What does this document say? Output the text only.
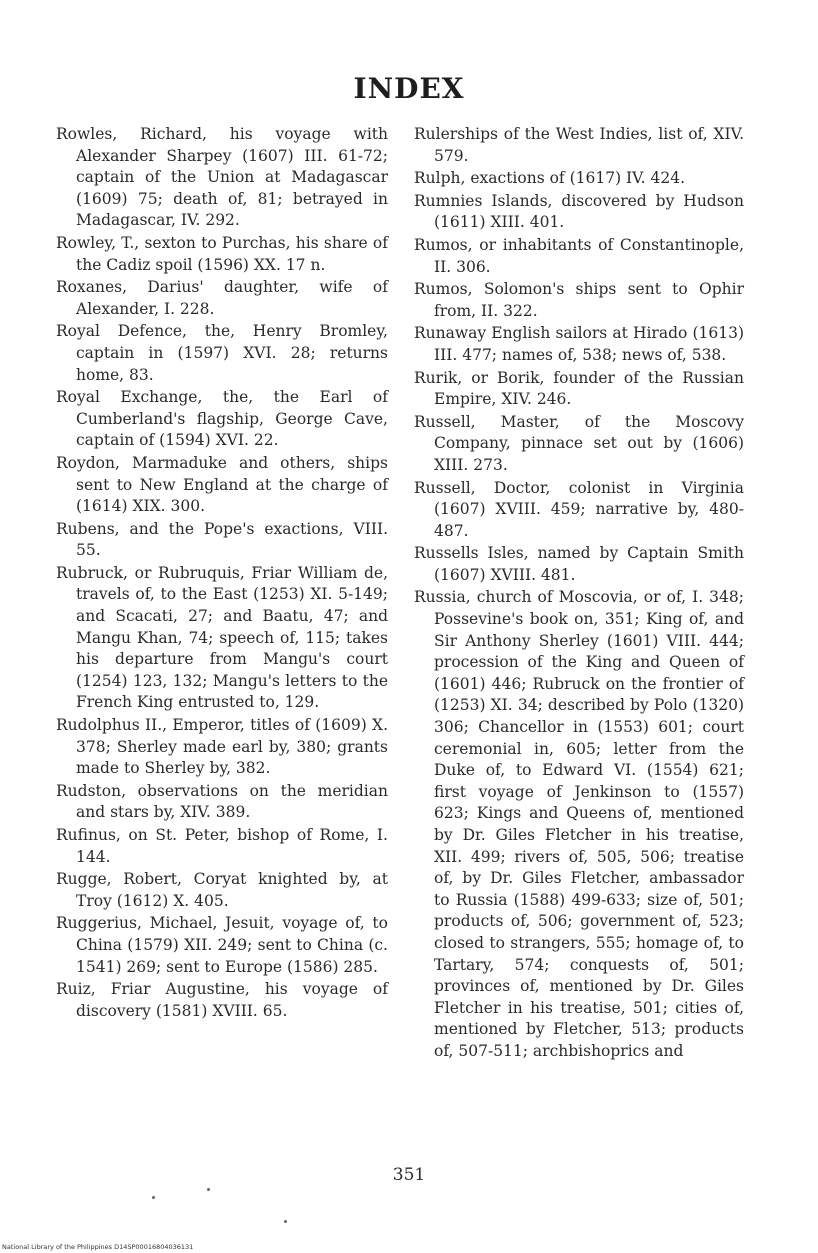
INDEX

Rowles, Richard, his voyage with Alexander Sharpey (1607) III. 61-72; captain of the Union at Madagascar (1609) 75; death of, 81; betrayed in Madagascar, IV. 292.

Rowley, T., sexton to Purchas, his share of the Cadiz spoil (1596) XX. 17 n.

Roxanes, Darius' daughter, wife of Alexander, I. 228.

Royal Defence, the, Henry Bromley, captain in (1597) XVI. 28; returns home, 83.

Royal Exchange, the, the Earl of Cumberland's flagship, George Cave, captain of (1594) XVI. 22.

Roydon, Marmaduke and others, ships sent to New England at the charge of (1614) XIX. 300.

Rubens, and the Pope's exactions, VIII. 55.

Rubruck, or Rubruquis, Friar William de, travels of, to the East (1253) XI. 5-149; and Scacati, 27; and Baatu, 47; and Mangu Khan, 74; speech of, 115; takes his departure from Mangu's court (1254) 123, 132; Mangu's letters to the French King entrusted to, 129.

Rudolphus II., Emperor, titles of (1609) X. 378; Sherley made earl by, 380; grants made to Sherley by, 382.

Rudston, observations on the meridian and stars by, XIV. 389.

Rufinus, on St. Peter, bishop of Rome, I. 144.

Rugge, Robert, Coryat knighted by, at Troy (1612) X. 405.

Ruggerius, Michael, Jesuit, voyage of, to China (1579) XII. 249; sent to China (c. 1541) 269; sent to Europe (1586) 285.

Ruiz, Friar Augustine, his voyage of discovery (1581) XVIII. 65.

Rulerships of the West Indies, list of, XIV. 579.

Rulph, exactions of (1617) IV. 424.

Rumnies Islands, discovered by Hudson (1611) XIII. 401.

Rumos, or inhabitants of Constantinople, II. 306.

Rumos, Solomon's ships sent to Ophir from, II. 322.

Runaway English sailors at Hirado (1613) III. 477; names of, 538; news of, 538.

Rurik, or Borik, founder of the Russian Empire, XIV. 246.

Russell, Master, of the Moscovy Company, pinnace set out by (1606) XIII. 273.

Russell, Doctor, colonist in Virginia (1607) XVIII. 459; narrative by, 480-487.

Russells Isles, named by Captain Smith (1607) XVIII. 481.

Russia, church of Moscovia, or of, I. 348; Possevine's book on, 351; King of, and Sir Anthony Sherley (1601) VIII. 444; procession of the King and Queen of (1601) 446; Rubruck on the frontier of (1253) XI. 34; described by Polo (1320) 306; Chancellor in (1553) 601; court ceremonial in, 605; letter from the Duke of, to Edward VI. (1554) 621; first voyage of Jenkinson to (1557) 623; Kings and Queens of, mentioned by Dr. Giles Fletcher in his treatise, XII. 499; rivers of, 505, 506; treatise of, by Dr. Giles Fletcher, ambassador to Russia (1588) 499-633; size of, 501; products of, 506; government of, 523; closed to strangers, 555; homage of, to Tartary, 574; conquests of, 501; provinces of, mentioned by Dr. Giles Fletcher in his treatise, 501; cities of, mentioned by Fletcher, 513; products of, 507-511; archbishoprics and

351
National Library of the Philippines D14SP00016804036131
